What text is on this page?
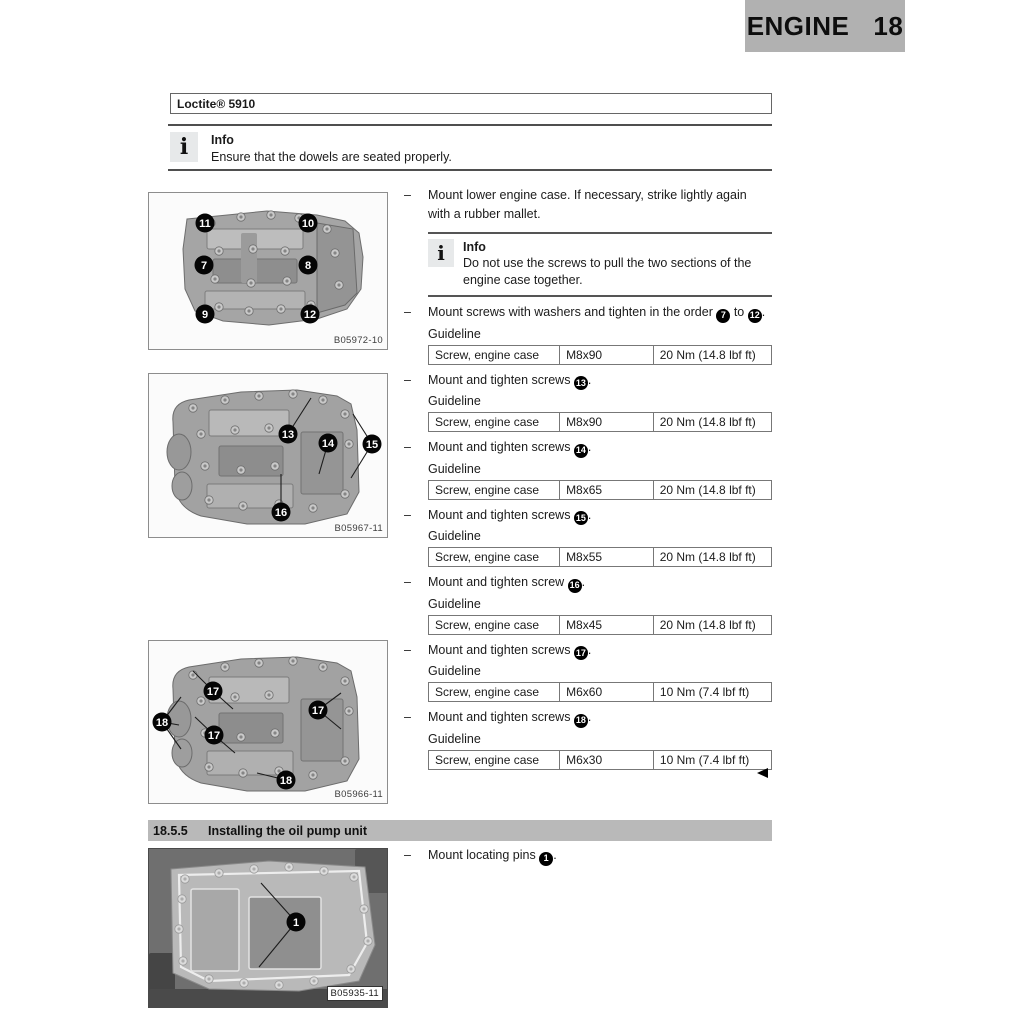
ENGINE 18
Loctite® 5910
i	Info
Ensure that the dowels are seated properly.
11	10
7	8
9	12
B05972-10
13
14	15
16
B05967-11
17
17
17
18
18
B05966-11
1
B05935-11
–	Mount lower engine case. If necessary, strike lightly again with a rubber mallet.
i	Info
Do not use the screws to pull the two sections of the engine case together.
–	Mount screws with washers and tighten in the order 7 to 12 .
Guideline
Screw, engine case	M8x90	20 Nm (14.8 lbf ft)
–	Mount and tighten screws 13 .
Guideline
Screw, engine case	M8x90	20 Nm (14.8 lbf ft)
–	Mount and tighten screws 14 .
Guideline
Screw, engine case	M8x65	20 Nm (14.8 lbf ft)
–	Mount and tighten screws 15 .
Guideline
Screw, engine case	M8x55	20 Nm (14.8 lbf ft)
–	Mount and tighten screw 16 .
Guideline
Screw, engine case	M8x45	20 Nm (14.8 lbf ft)
–	Mount and tighten screws 17 .
Guideline
Screw, engine case	M6x60	10 Nm (7.4 lbf ft)
–	Mount and tighten screws 18 .
Guideline
Screw, engine case	M6x30	10 Nm (7.4 lbf ft)
18.5.5	Installing the oil pump unit
–	Mount locating pins 1 .
